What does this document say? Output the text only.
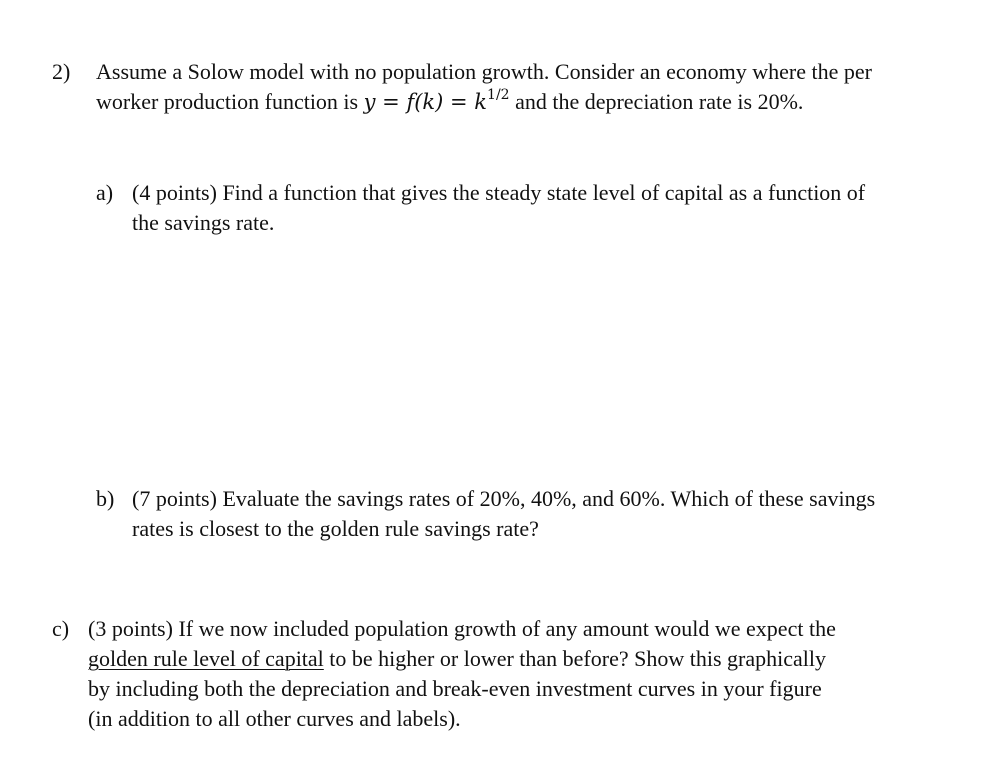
2) Assume a Solow model with no population growth. Consider an economy where the per
worker production function is $y = f(k) = k^{1/2}$ and the depreciation rate is 20%.
a) (4 points) Find a function that gives the steady state level of capital as a function of
the savings rate.
b) (7 points) Evaluate the savings rates of 20%, 40%, and 60%. Which of these savings
rates is closest to the golden rule savings rate?
c) (3 points) If we now included population growth of any amount would we expect the
golden rule level of capital to be higher or lower than before? Show this graphically
by including both the depreciation and break-even investment curves in your figure
(in addition to all other curves and labels).
